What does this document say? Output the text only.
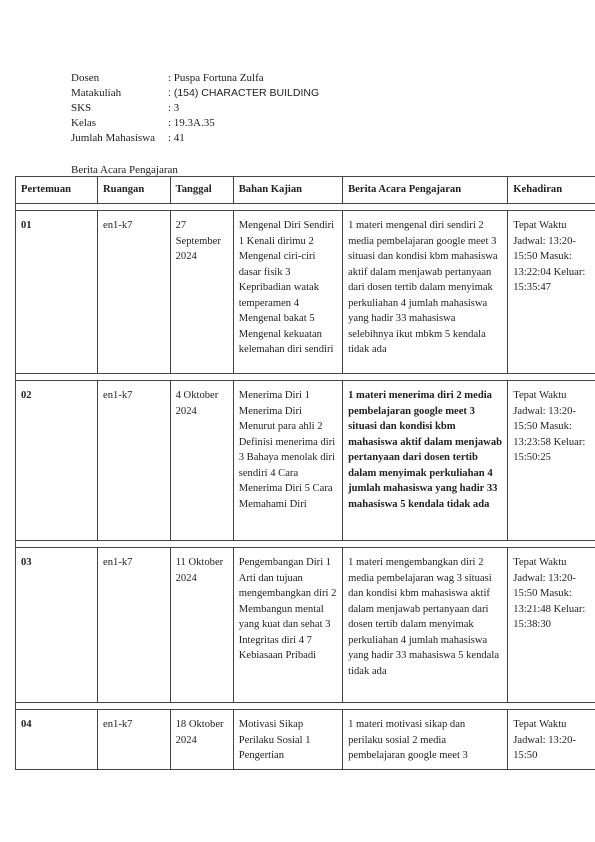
Dosen	: Puspa Fortuna Zulfa
Matakuliah	: (154) CHARACTER BUILDING
SKS	: 3
Kelas	: 19.3A.35
Jumlah Mahasiswa	: 41
Berita Acara Pengajaran
Pertemuan	Ruangan	Tanggal	Bahan Kajian	Berita Acara Pengajaran	Kehadiran

01	en1-k7	27 September 2024	Mengenal Diri Sendiri 1 Kenali dirimu 2 Mengenal ciri-ciri dasar fisik 3 Kepribadian watak temperamen 4 Mengenal bakat 5 Mengenal kekuatan kelemahan diri sendiri	1 materi mengenal diri sendiri 2 media pembelajaran google meet 3 situasi dan kondisi kbm mahasiswa aktif dalam menjawab pertanyaan dari dosen tertib dalam menyimak perkuliahan 4 jumlah mahasiswa yang hadir 33 mahasiswa selebihnya ikut mbkm 5 kendala tidak ada	Tepat Waktu Jadwal: 13:20-15:50 Masuk: 13:22:04 Keluar: 15:35:47

02	en1-k7	4 Oktober 2024	Menerima Diri 1 Menerima Diri Menurut para ahli 2 Definisi menerima diri 3 Bahaya menolak diri sendiri 4 Cara Menerima Diri 5 Cara Memahami Diri	1 materi menerima diri 2 media pembelajaran google meet 3 situasi dan kondisi kbm mahasiswa aktif dalam menjawab pertanyaan dari dosen tertib dalam menyimak perkuliahan 4 jumlah mahasiswa yang hadir 33 mahasiswa 5 kendala tidak ada	Tepat Waktu Jadwal: 13:20-15:50 Masuk: 13:23:58 Keluar: 15:50:25

03	en1-k7	11 Oktober 2024	Pengembangan Diri 1 Arti dan tujuan mengembangkan diri 2 Membangun mental yang kuat dan sehat 3 Integritas diri 4 7 Kebiasaan Pribadi	1 materi mengembangkan diri 2 media pembelajaran wag 3 situasi dan kondisi kbm mahasiswa aktif dalam menjawab pertanyaan dari dosen tertib dalam menyimak perkuliahan 4 jumlah mahasiswa yang hadir 33 mahasiswa 5 kendala tidak ada	Tepat Waktu Jadwal: 13:20-15:50 Masuk: 13:21:48 Keluar: 15:38:30

04	en1-k7	18 Oktober 2024	Motivasi Sikap Perilaku Sosial 1 Pengertian	1 materi motivasi sikap dan perilaku sosial 2 media pembelajaran google meet 3	Tepat Waktu Jadwal: 13:20-15:50
